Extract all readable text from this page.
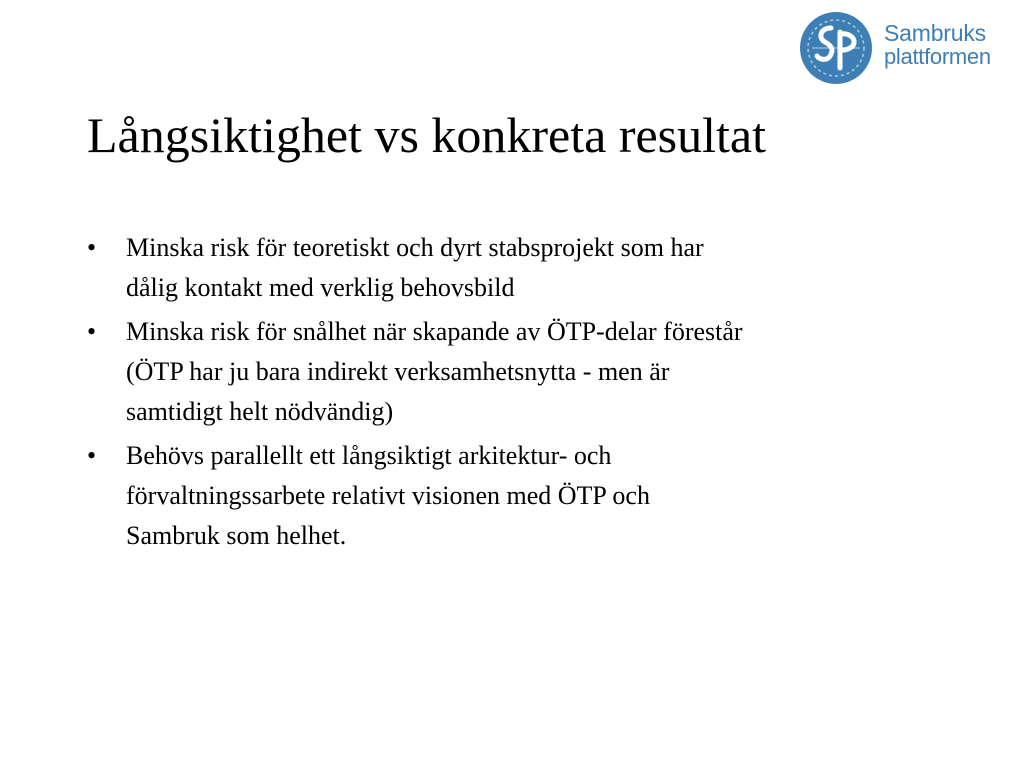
Sambruks
plattformen
Långsiktighet vs konkreta resultat
• Minska risk för teoretiskt och dyrt stabsprojekt som har
dålig kontakt med verklig behovsbild
• Minska risk för snålhet när skapande av ÖTP-delar förestår
(ÖTP har ju bara indirekt verksamhetsnytta - men är
samtidigt helt nödvändig)
• Behövs parallellt ett långsiktigt arkitektur- och
förvaltningssarbete relativt visionen med ÖTP och
Sambruk som helhet.
